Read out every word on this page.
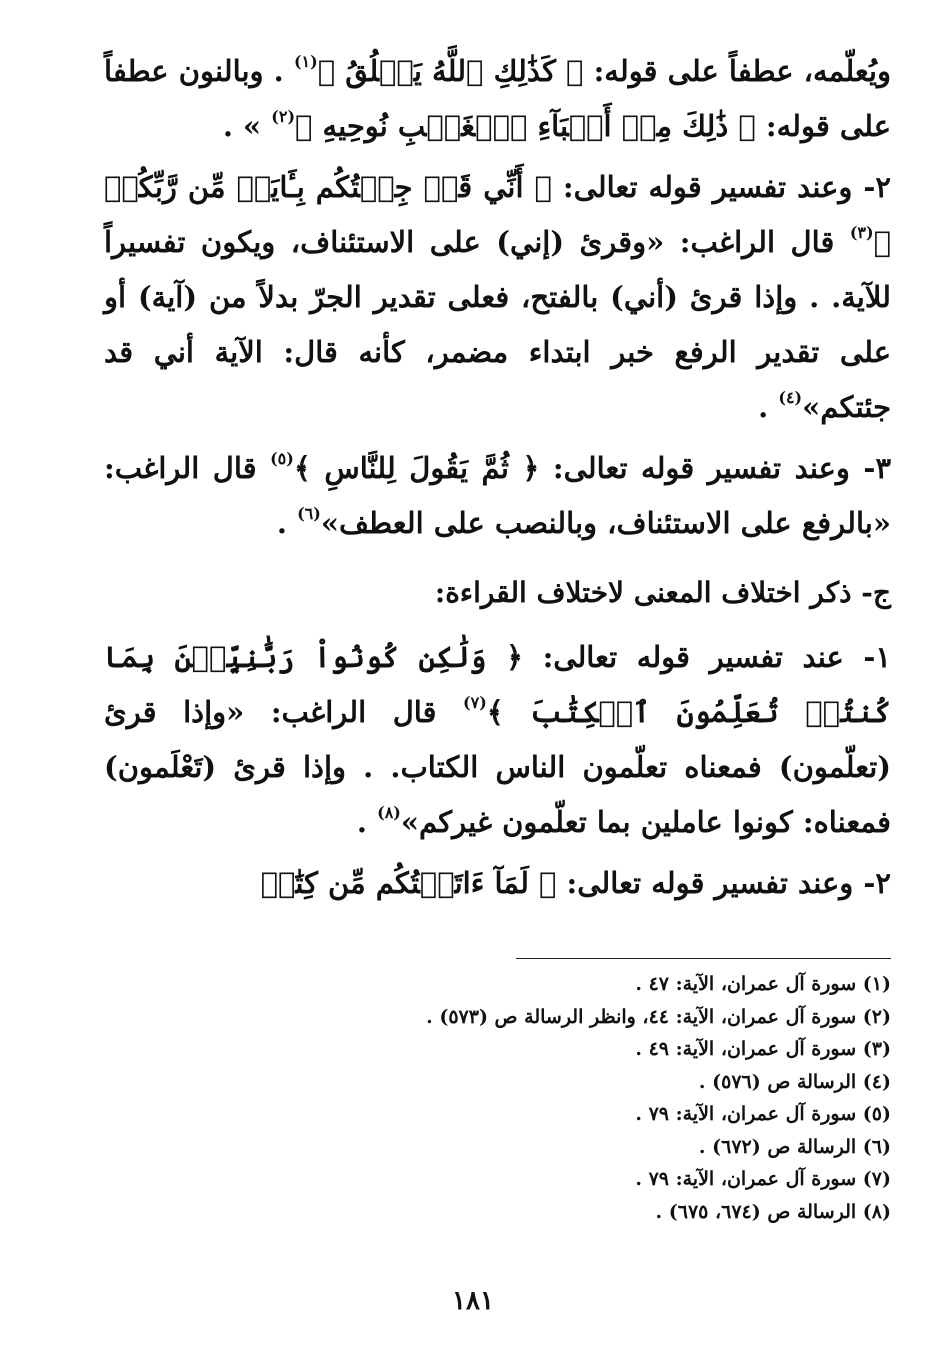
ويُعلّمه، عطفاً على قوله: ﴿ كَذَٰلِكِ ٱللَّهُ يَخۡلُقُ ﴾$^{(١)}$ . وبالنون عطفاً على قوله: ﴿ ذَٰلِكَ مِنۡ أَنۢبَآءِ ٱلۡغَيۡبِ نُوحِيهِ ﴾$^{(٢)}$ » .

٢- وعند تفسير قوله تعالى: ﴿ أَنِّي قَدۡ جِئۡتُكُم بِـَٔايَةٖ مِّن رَّبِّكُمۡ ﴾$^{(٣)}$ قال الراغب: «وقرئ (إني) على الاستئناف، ويكون تفسيراً للآية. . وإذا قرئ (أني) بالفتح، فعلى تقدير الجرّ بدلاً من (آية) أو على تقدير الرفع خبر ابتداء مضمر، كأنه قال: الآية أني قد جئتكم»$^{(٤)}$ .

٣- وعند تفسير قوله تعالى: ﴿ ثُمَّ يَقُولَ لِلنَّاسِ ﴾$^{(٥)}$ قال الراغب: «بالرفع على الاستئناف، وبالنصب على العطف»$^{(٦)}$ .

ج- ذكر اختلاف المعنى لاختلاف القراءة:

١- عند تفسير قوله تعالى: ﴿ وَلَٰكِن كُونُواْ رَبَّٰنِيِّـۧنَ بِمَا كُنتُمۡ تُعَلِّمُونَ ٱلۡكِتَٰبَ ﴾$^{(٧)}$ قال الراغب: «وإذا قرئ (تعلّمون) فمعناه تعلّمون الناس الكتاب. . وإذا قرئ (تَعْلَمون) فمعناه: كونوا عاملين بما تعلّمون غيركم»$^{(٨)}$ .

٢- وعند تفسير قوله تعالى: ﴿ لَمَآ ءَاتَيۡتُكُم مِّن كِتَٰبٖ

(١) سورة آل عمران، الآية: ٤٧ .
(٢) سورة آل عمران، الآية: ٤٤، وانظر الرسالة ص (٥٧٣) .
(٣) سورة آل عمران، الآية: ٤٩ .
(٤) الرسالة ص (٥٧٦) .
(٥) سورة آل عمران، الآية: ٧٩ .
(٦) الرسالة ص (٦٧٢) .
(٧) سورة آل عمران، الآية: ٧٩ .
(٨) الرسالة ص (٦٧٤، ٦٧٥) .
١٨١
